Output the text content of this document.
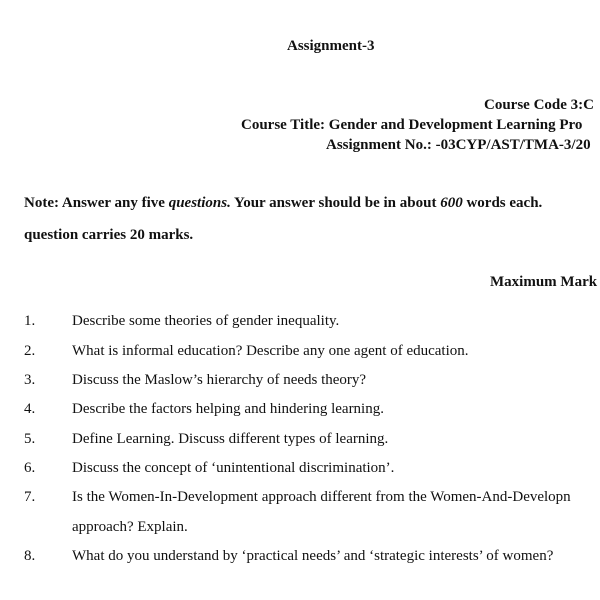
Assignment-3
Course Code 3:C
Course Title: Gender and Development Learning Pro
Assignment No.: -03CYP/AST/TMA-3/20
Note: Answer any five questions. Your answer should be in about 600 words each.
question carries 20 marks.
Maximum Mark
1. Describe some theories of gender inequality.
2. What is informal education? Describe any one agent of education.
3. Discuss the Maslow’s hierarchy of needs theory?
4. Describe the factors helping and hindering learning.
5. Define Learning. Discuss different types of learning.
6. Discuss the concept of ‘unintentional discrimination’.
7. Is the Women-In-Development approach different from the Women-And-Developn
approach? Explain.
8. What do you understand by ‘practical needs’ and ‘strategic interests’ of women?
